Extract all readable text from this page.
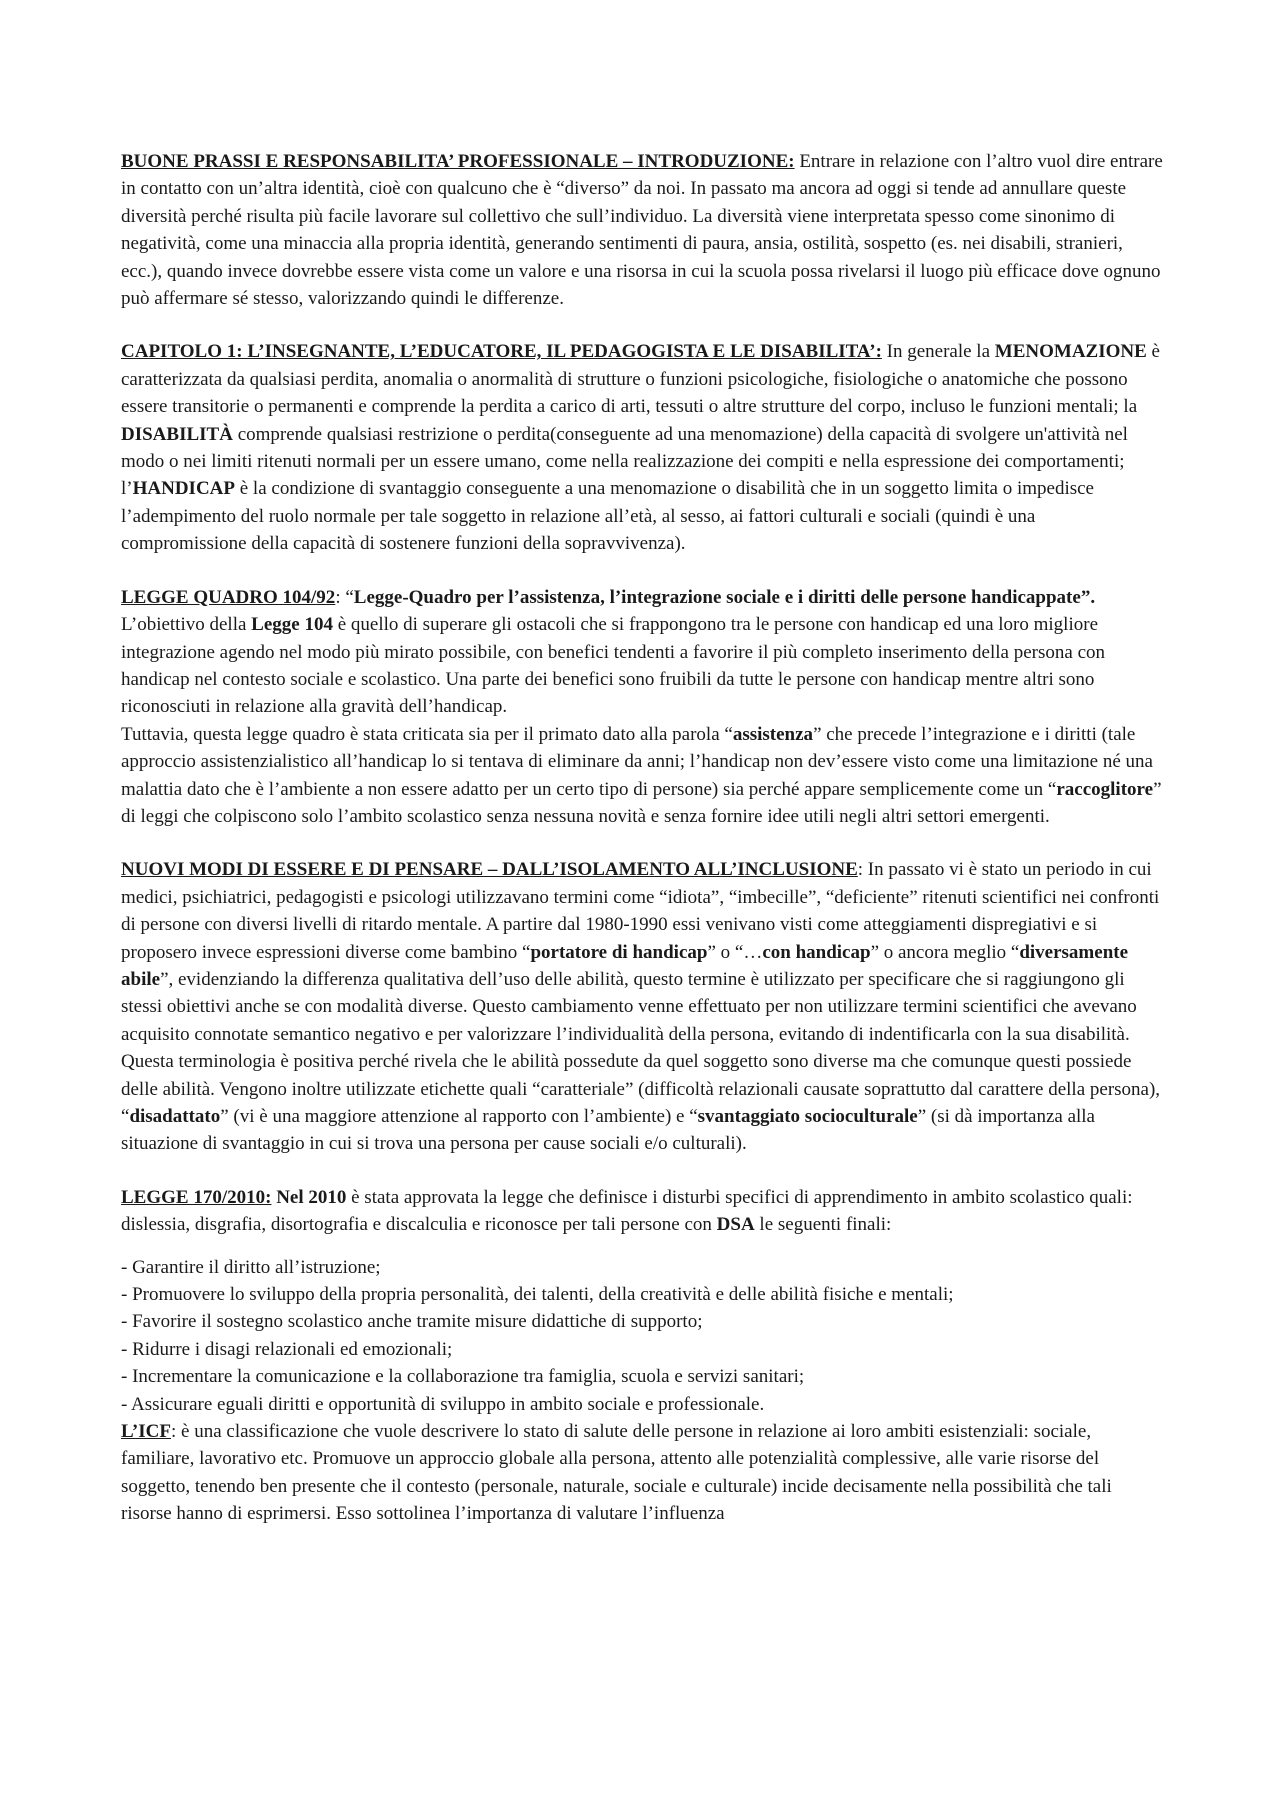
BUONE PRASSI E RESPONSABILITA’ PROFESSIONALE – INTRODUZIONE: Entrare in relazione con l’altro vuol dire entrare in contatto con un’altra identità, cioè con qualcuno che è “diverso” da noi. In passato ma ancora ad oggi si tende ad annullare queste diversità perché risulta più facile lavorare sul collettivo che sull’individuo. La diversità viene interpretata spesso come sinonimo di negatività, come una minaccia alla propria identità, generando sentimenti di paura, ansia, ostilità, sospetto (es. nei disabili, stranieri, ecc.), quando invece dovrebbe essere vista come un valore e una risorsa in cui la scuola possa rivelarsi il luogo più efficace dove ognuno può affermare sé stesso, valorizzando quindi le differenze.

CAPITOLO 1: L’INSEGNANTE, L’EDUCATORE, IL PEDAGOGISTA E LE DISABILITA’: In generale la MENOMAZIONE è caratterizzata da qualsiasi perdita, anomalia o anormalità di strutture o funzioni psicologiche, fisiologiche o anatomiche che possono essere transitorie o permanenti e comprende la perdita a carico di arti, tessuti o altre strutture del corpo, incluso le funzioni mentali; la DISABILITÀ comprende qualsiasi restrizione o perdita(conseguente ad una menomazione) della capacità di svolgere un'attività nel modo o nei limiti ritenuti normali per un essere umano, come nella realizzazione dei compiti e nella espressione dei comportamenti; l’HANDICAP è la condizione di svantaggio conseguente a una menomazione o disabilità che in un soggetto limita o impedisce l’adempimento del ruolo normale per tale soggetto in relazione all’età, al sesso, ai fattori culturali e sociali (quindi è una compromissione della capacità di sostenere funzioni della sopravvivenza).

LEGGE QUADRO 104/92: “Legge-Quadro per l’assistenza, l’integrazione sociale e i diritti delle persone handicappate”. L’obiettivo della Legge 104 è quello di superare gli ostacoli che si frappongono tra le persone con handicap ed una loro migliore integrazione agendo nel modo più mirato possibile, con benefici tendenti a favorire il più completo inserimento della persona con handicap nel contesto sociale e scolastico. Una parte dei benefici sono fruibili da tutte le persone con handicap mentre altri sono riconosciuti in relazione alla gravità dell’handicap.

Tuttavia, questa legge quadro è stata criticata sia per il primato dato alla parola “assistenza” che precede l’integrazione e i diritti (tale approccio assistenzialistico all’handicap lo si tentava di eliminare da anni; l’handicap non dev’essere visto come una limitazione né una malattia dato che è l’ambiente a non essere adatto per un certo tipo di persone) sia perché appare semplicemente come un “raccoglitore” di leggi che colpiscono solo l’ambito scolastico senza nessuna novità e senza fornire idee utili negli altri settori emergenti.

NUOVI MODI DI ESSERE E DI PENSARE – DALL’ISOLAMENTO ALL’INCLUSIONE: In passato vi è stato un periodo in cui medici, psichiatrici, pedagogisti e psicologi utilizzavano termini come “idiota”, “imbecille”, “deficiente” ritenuti scientifici nei confronti di persone con diversi livelli di ritardo mentale. A partire dal 1980-1990 essi venivano visti come atteggiamenti dispregiativi e si proposero invece espressioni diverse come bambino “portatore di handicap” o “…con handicap” o ancora meglio “diversamente abile”, evidenziando la differenza qualitativa dell’uso delle abilità, questo termine è utilizzato per specificare che si raggiungono gli stessi obiettivi anche se con modalità diverse. Questo cambiamento venne effettuato per non utilizzare termini scientifici che avevano acquisito connotate semantico negativo e per valorizzare l’individualità della persona, evitando di indentificarla con la sua disabilità. Questa terminologia è positiva perché rivela che le abilità possedute da quel soggetto sono diverse ma che comunque questi possiede delle abilità. Vengono inoltre utilizzate etichette quali “caratteriale” (difficoltà relazionali causate soprattutto dal carattere della persona), “disadattato” (vi è una maggiore attenzione al rapporto con l’ambiente) e “svantaggiato socioculturale” (si dà importanza alla situazione di svantaggio in cui si trova una persona per cause sociali e/o culturali).

LEGGE 170/2010: Nel 2010 è stata approvata la legge che definisce i disturbi specifici di apprendimento in ambito scolastico quali: dislessia, disgrafia, disortografia e discalculia e riconosce per tali persone con DSA le seguenti finali:

- Garantire il diritto all’istruzione;
- Promuovere lo sviluppo della propria personalità, dei talenti, della creatività e delle abilità fisiche e mentali;
- Favorire il sostegno scolastico anche tramite misure didattiche di supporto;
- Ridurre i disagi relazionali ed emozionali;
- Incrementare la comunicazione e la collaborazione tra famiglia, scuola e servizi sanitari;
- Assicurare eguali diritti e opportunità di sviluppo in ambito sociale e professionale.

L’ICF: è una classificazione che vuole descrivere lo stato di salute delle persone in relazione ai loro ambiti esistenziali: sociale, familiare, lavorativo etc. Promuove un approccio globale alla persona, attento alle potenzialità complessive, alle varie risorse del soggetto, tenendo ben presente che il contesto (personale, naturale, sociale e culturale) incide decisamente nella possibilità che tali risorse hanno di esprimersi. Esso sottolinea l’importanza di valutare l’influenza
